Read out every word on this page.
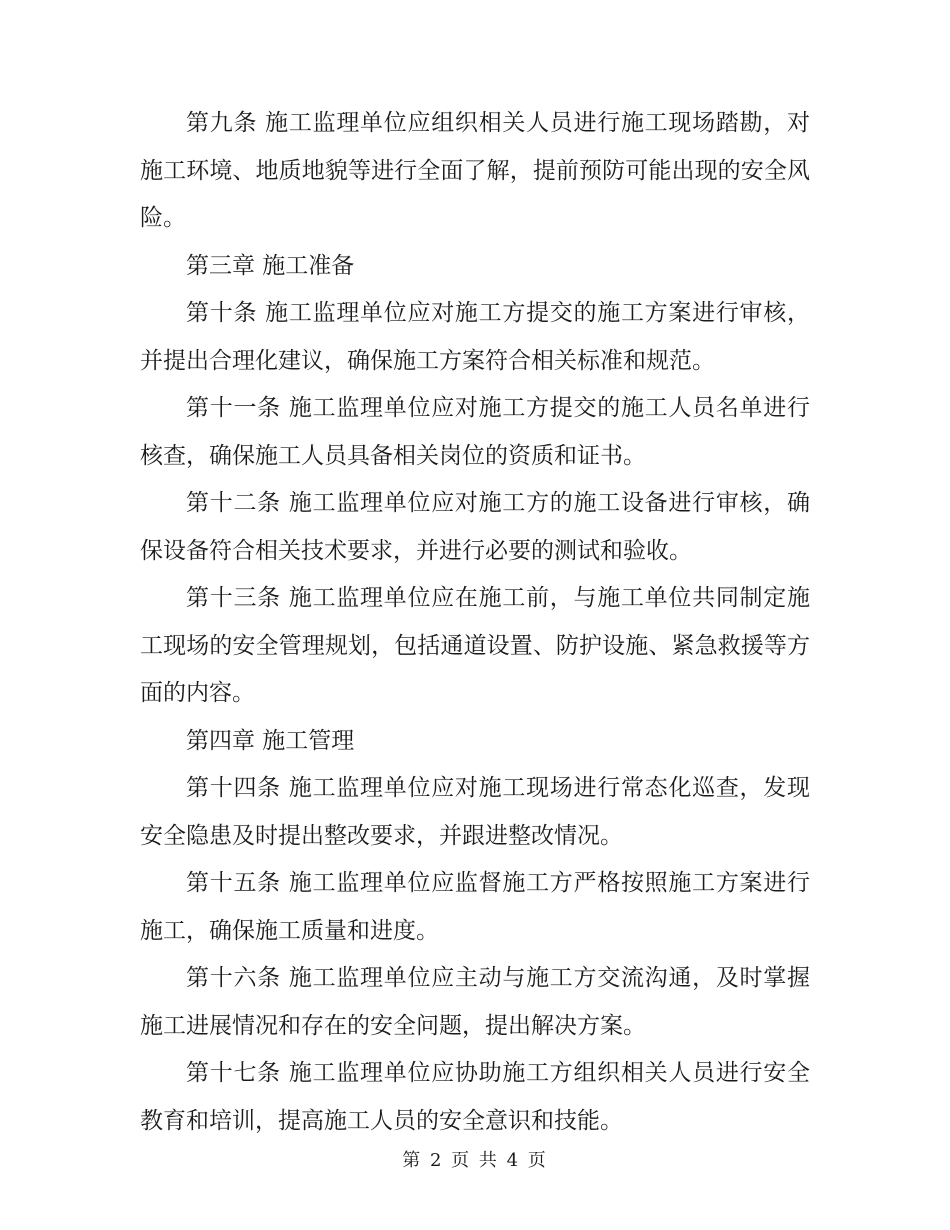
第九条 施工监理单位应组织相关人员进行施工现场踏勘，对施工环境、地质地貌等进行全面了解，提前预防可能出现的安全风险。

第三章 施工准备

第十条 施工监理单位应对施工方提交的施工方案进行审核，并提出合理化建议，确保施工方案符合相关标准和规范。

第十一条 施工监理单位应对施工方提交的施工人员名单进行核查，确保施工人员具备相关岗位的资质和证书。

第十二条 施工监理单位应对施工方的施工设备进行审核，确保设备符合相关技术要求，并进行必要的测试和验收。

第十三条 施工监理单位应在施工前，与施工单位共同制定施工现场的安全管理规划，包括通道设置、防护设施、紧急救援等方面的内容。

第四章 施工管理

第十四条 施工监理单位应对施工现场进行常态化巡查，发现安全隐患及时提出整改要求，并跟进整改情况。

第十五条 施工监理单位应监督施工方严格按照施工方案进行施工，确保施工质量和进度。

第十六条 施工监理单位应主动与施工方交流沟通，及时掌握施工进展情况和存在的安全问题，提出解决方案。

第十七条 施工监理单位应协助施工方组织相关人员进行安全教育和培训，提高施工人员的安全意识和技能。

第 2 页 共 4 页
